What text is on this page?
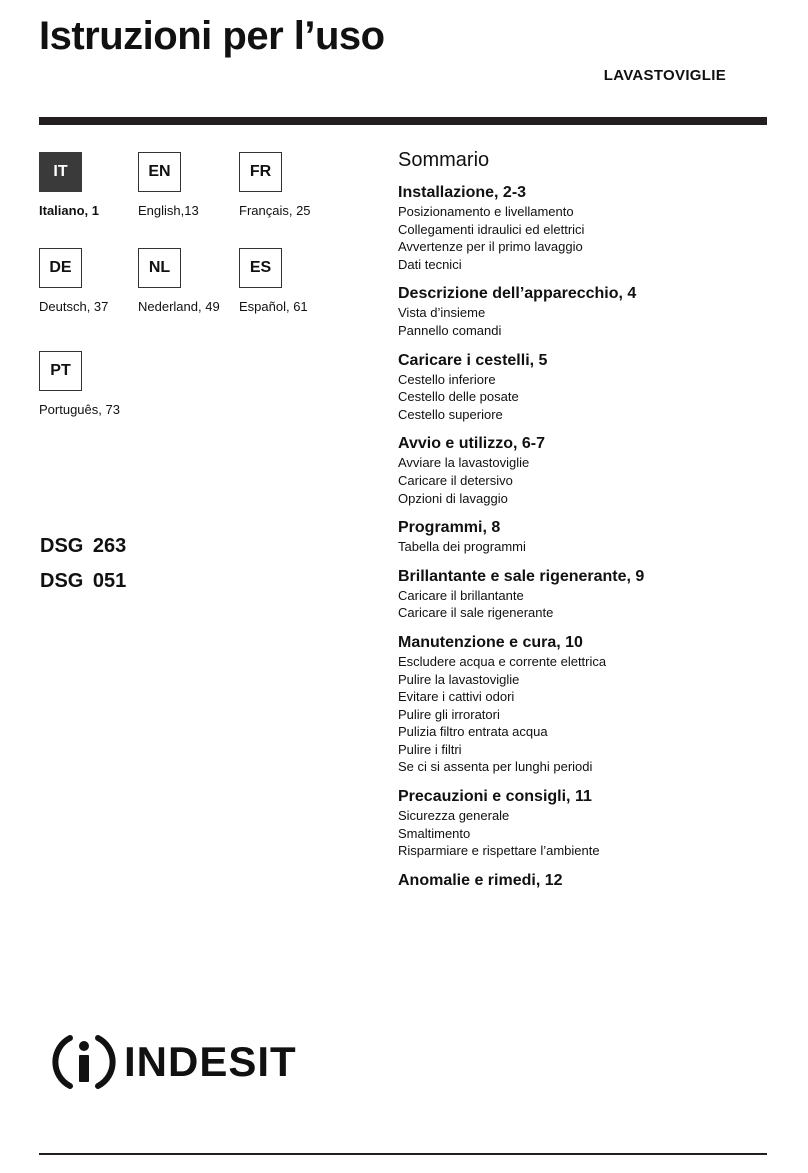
Istruzioni per l’uso
LAVASTOVIGLIE
IT
Italiano, 1
EN
English,13
FR
Français, 25
DE
Deutsch, 37
NL
Nederland, 49
ES
Español, 61
PT
Português, 73
DSG 263
DSG 051
Sommario
Installazione, 2-3
Posizionamento e livellamento
Collegamenti idraulici ed elettrici
Avvertenze per il primo lavaggio
Dati tecnici
Descrizione dell’apparecchio, 4
Vista d’insieme
Pannello comandi
Caricare i cestelli, 5
Cestello inferiore
Cestello delle posate
Cestello superiore
Avvio e utilizzo, 6-7
Avviare la lavastoviglie
Caricare il detersivo
Opzioni di lavaggio
Programmi, 8
Tabella dei programmi
Brillantante e sale rigenerante, 9
Caricare il brillantante
Caricare il sale rigenerante
Manutenzione e cura, 10
Escludere acqua e corrente elettrica
Pulire la lavastoviglie
Evitare i cattivi odori
Pulire gli irroratori
Pulizia filtro entrata acqua
Pulire i filtri
Se ci si assenta per lunghi periodi
Precauzioni e consigli, 11
Sicurezza generale
Smaltimento
Risparmiare e rispettare l’ambiente
Anomalie e rimedi, 12
INDESIT
